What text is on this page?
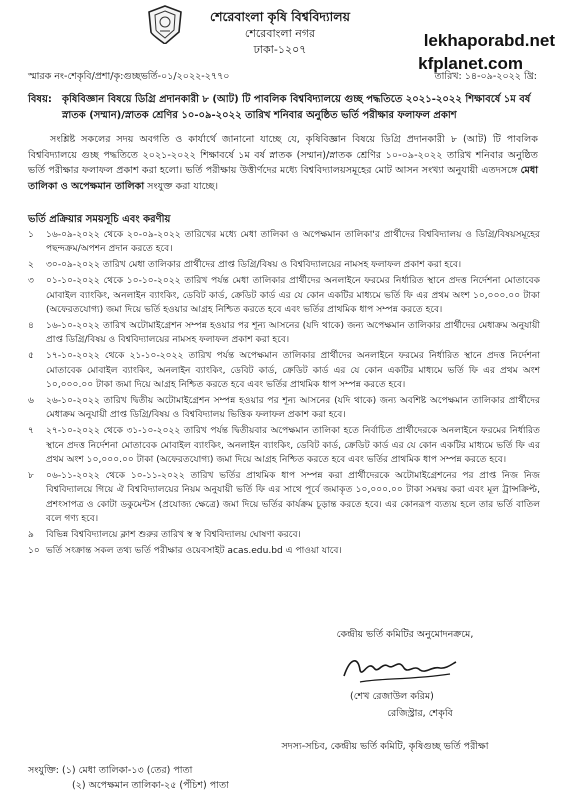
শেরেবাংলা কৃষি বিশ্ববিদ্যালয়
শেরেবাংলা নগর
ঢাকা-১২০৭	lekhaporabd.net
kfplanet.com
স্মারক নং-শেকৃবি/প্রশা/কৃ:গুচ্ছভর্তি-০১/২০২২-২৭৭০	তারিখ: ১৪-০৯-২০২২ খ্রি:
বিষয়: কৃষিবিজ্ঞান বিষয়ে ডিগ্রি প্রদানকারী ৮ (আট) টি পাবলিক বিশ্ববিদ্যালয়ে গুচ্ছ পদ্ধতিতে ২০২১-২০২২ শিক্ষাবর্ষে ১ম বর্ষ স্নাতক (সম্মান)/স্নাতক শ্রেণির ১০-০৯-২০২২ তারিখ শনিবার অনুষ্ঠিত ভর্তি পরীক্ষার ফলাফল প্রকাশ
সংশ্লিষ্ট সকলের সদয় অবগতি ও কার্যার্থে জানানো যাচ্ছে যে, কৃষিবিজ্ঞান বিষয়ে ডিগ্রি প্রদানকারী ৮ (আট) টি পাবলিক বিশ্ববিদ্যালয়ে গুচ্ছ পদ্ধতিতে ২০২১-২০২২ শিক্ষাবর্ষে ১ম বর্ষ স্নাতক (সম্মান)/স্নাতক শ্রেণির ১০-০৯-২০২২ তারিখ শনিবার অনুষ্ঠিত ভর্তি পরীক্ষার ফলাফল প্রকাশ করা হলো। ভর্তি পরীক্ষায় উত্তীর্ণদের মধ্যে বিশ্ববিদ্যালয়সমূহের মোট আসন সংখ্যা অনুযায়ী এতদসঙ্গে মেধা তালিকা ও অপেক্ষমান তালিকা সংযুক্ত করা যাচ্ছে।
ভর্তি প্রক্রিয়ার সময়সূচি এবং করণীয়
১ ১৬-০৯-২০২২ থেকে ২০-০৯-২০২২ তারিখের মধ্যে মেধা তালিকা ও অপেক্ষমান তালিকা'র প্রার্থীদের বিশ্ববিদ্যালয় ও ডিগ্রি/বিষয়সমূহের পছন্দক্রম/অপশন প্রদান করতে হবে।
২ ৩০-০৯-২০২২ তারিখ মেধা তালিকার প্রার্থীদের প্রাপ্ত ডিগ্রি/বিষয় ও বিশ্ববিদ্যালয়ের নামসহ ফলাফল প্রকাশ করা হবে।
৩ ০১-১০-২০২২ থেকে ১০-১০-২০২২ তারিখ পর্যন্ত মেধা তালিকার প্রার্থীদের অনলাইনে ফরমের নির্ধারিত স্থানে প্রদত্ত নির্দেশনা মোতাবেক মোবাইল ব্যাংকিং, অনলাইন ব্যাংকিং, ডেবিট কার্ড, ক্রেডিট কার্ড এর যে কোন একটির মাধ্যমে ভর্তি ফি এর প্রথম অংশ ১০,০০০.০০ টাকা (অফেরতযোগ্য) জমা দিয়ে ভর্তি হওয়ার আগ্রহ নিশ্চিত করতে হবে এবং ভর্তির প্রাথমিক ধাপ সম্পন্ন করতে হবে।
৪ ১৬-১০-২০২২ তারিখ অটোমাইগ্রেশন সম্পন্ন হওয়ার পর শূন্য আসনের (যদি থাকে) জন্য অপেক্ষমান তালিকার প্রার্থীদের মেধাক্রম অনুযায়ী প্রাপ্ত ডিগ্রি/বিষয় ও বিশ্ববিদ্যালয়ের নামসহ ফলাফল প্রকাশ করা হবে।
৫ ১৭-১০-২০২২ থেকে ২১-১০-২০২২ তারিখ পর্যন্ত অপেক্ষমান তালিকার প্রার্থীদের অনলাইনে ফরমের নির্ধারিত স্থানে প্রদত্ত নির্দেশনা মোতাবেক মোবাইল ব্যাংকিং, অনলাইন ব্যাংকিং, ডেবিট কার্ড, ক্রেডিট কার্ড এর যে কোন একটির মাধ্যমে ভর্তি ফি এর প্রথম অংশ ১০,০০০.০০ টাকা জমা দিয়ে আগ্রহ নিশ্চিত করতে হবে এবং ভর্তির প্রাথমিক ধাপ সম্পন্ন করতে হবে।
৬ ২৬-১০-২০২২ তারিখ দ্বিতীয় অটোমাইগ্রেশন সম্পন্ন হওয়ার পর শূন্য আসনের (যদি থাকে) জন্য অবশিষ্ট অপেক্ষমান তালিকার প্রার্থীদের মেধাক্রম অনুযায়ী প্রাপ্ত ডিগ্রি/বিষয় ও বিশ্ববিদ্যালয় ভিত্তিক ফলাফল প্রকাশ করা হবে।
৭ ২৭-১০-২০২২ থেকে ৩১-১০-২০২২ তারিখ পর্যন্ত দ্বিতীয়বার অপেক্ষমান তালিকা হতে নির্বাচিত প্রার্থীদেরকে অনলাইনে ফরমের নির্ধারিত স্থানে প্রদত্ত নির্দেশনা মোতাবেক মোবাইল ব্যাংকিং, অনলাইন ব্যাংকিং, ডেবিট কার্ড, ক্রেডিট কার্ড এর যে কোন একটির মাধ্যমে ভর্তি ফি এর প্রথম অংশ ১০,০০০.০০ টাকা (অফেরতযোগ্য) জমা দিয়ে আগ্রহ নিশ্চিত করতে হবে এবং ভর্তির প্রাথমিক ধাপ সম্পন্ন করতে হবে।
৮ ০৬-১১-২০২২ থেকে ১০-১১-২০২২ তারিখ ভর্তির প্রাথমিক ধাপ সম্পন্ন করা প্রার্থীদেরকে অটোমাইগ্রেশনের পর প্রাপ্ত নিজ নিজ বিশ্ববিদ্যালয়ে গিয়ে ঐ বিশ্ববিদ্যালয়ের নিয়ম অনুযায়ী ভর্তি ফি এর সাথে পূর্বে জমাকৃত ১০,০০০.০০ টাকা সমন্বয় করা এবং মূল ট্রান্সক্রিপ্ট, প্রশংসাপত্র ও কোটা ডকুমেন্টস (প্রযোজ্য ক্ষেত্রে) জমা দিয়ে ভর্তির কার্যক্রম চূড়ান্ত করতে হবে। এর কোনরূপ ব্যত্যয় হলে তার ভর্তি বাতিল বলে গণ্য হবে।
৯ বিভিন্ন বিশ্ববিদ্যালয়ে ক্লাশ শুরুর তারিখ স্ব স্ব বিশ্ববিদ্যালয় ঘোষণা করবে।
১০ ভর্তি সংক্রান্ত সকল তথ্য ভর্তি পরীক্ষার ওয়েবসাইট acas.edu.bd এ পাওয়া যাবে।
কেন্দ্রীয় ভর্তি কমিটির অনুমোদনক্রমে,
(শেখ রেজাউল করিম)
রেজিস্ট্রার, শেকৃবি
সদস্য-সচিব, কেন্দ্রীয় ভর্তি কমিটি, কৃষিগুচ্ছ ভর্তি পরীক্ষা
সংযুক্তি: (১) মেধা তালিকা-১৩ (তের) পাতা
(২) অপেক্ষমান তালিকা-২৫ (পঁচিশ) পাতা
